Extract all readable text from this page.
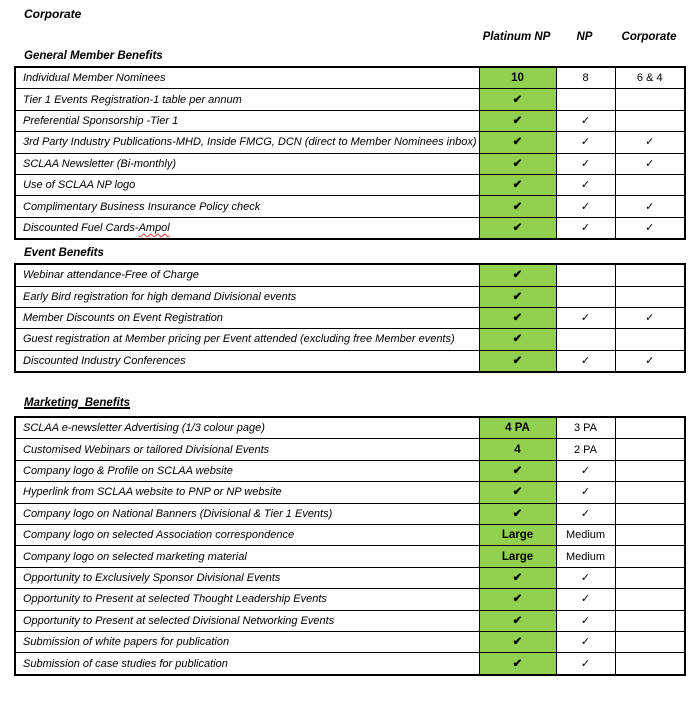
Corporate
Platinum NP	NP	Corporate
General Member Benefits
Individual Member Nominees	10	8	6 & 4
Tier 1 Events Registration-1 table per annum	✔		
Preferential Sponsorship -Tier 1	✔	✓	
3rd Party Industry Publications-MHD, Inside FMCG, DCN (direct to Member Nominees inbox)	✔	✓	✓
SCLAA Newsletter (Bi-monthly)	✔	✓	✓
Use of SCLAA NP logo	✔	✓	
Complimentary Business Insurance Policy check	✔	✓	✓
Discounted Fuel Cards-Ampol	✔	✓	✓
Event Benefits
Webinar attendance-Free of Charge	✔		
Early Bird registration for high demand Divisional events	✔		
Member Discounts on Event Registration	✔	✓	✓
Guest registration at Member pricing per Event attended (excluding free Member events)	✔		
Discounted Industry Conferences	✔	✓	✓
Marketing  Benefits
SCLAA e-newsletter Advertising (1/3 colour page)	4 PA	3 PA	
Customised Webinars or tailored Divisional Events	4	2 PA	
Company logo & Profile on SCLAA website	✔	✓	
Hyperlink from SCLAA website to PNP or NP website	✔	✓	
Company logo on National Banners (Divisional & Tier 1 Events)	✔	✓	
Company logo on selected Association correspondence	Large	Medium	
Company logo on selected marketing material	Large	Medium	
Opportunity to Exclusively Sponsor Divisional Events	✔	✓	
Opportunity to Present at selected Thought Leadership Events	✔	✓	
Opportunity to Present at selected Divisional Networking Events	✔	✓	
Submission of white papers for publication	✔	✓	
Submission of case studies for publication	✔	✓	
